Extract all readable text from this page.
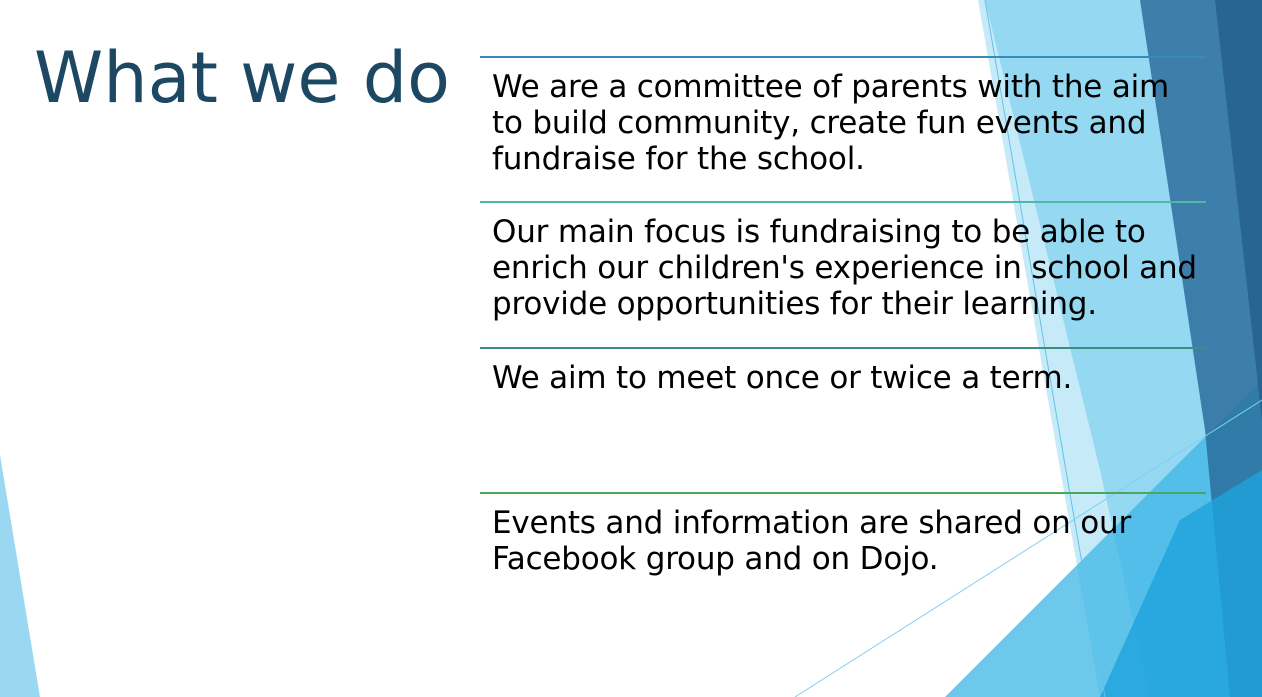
What we do We are a committee of parents with the aim to build community, create fun events and fundraise for the school.

Our main focus is fundraising to be able to enrich our children's experience in school and provide opportunities for their learning.

We aim to meet once or twice a term.

Events and information are shared on our Facebook group and on Dojo.
